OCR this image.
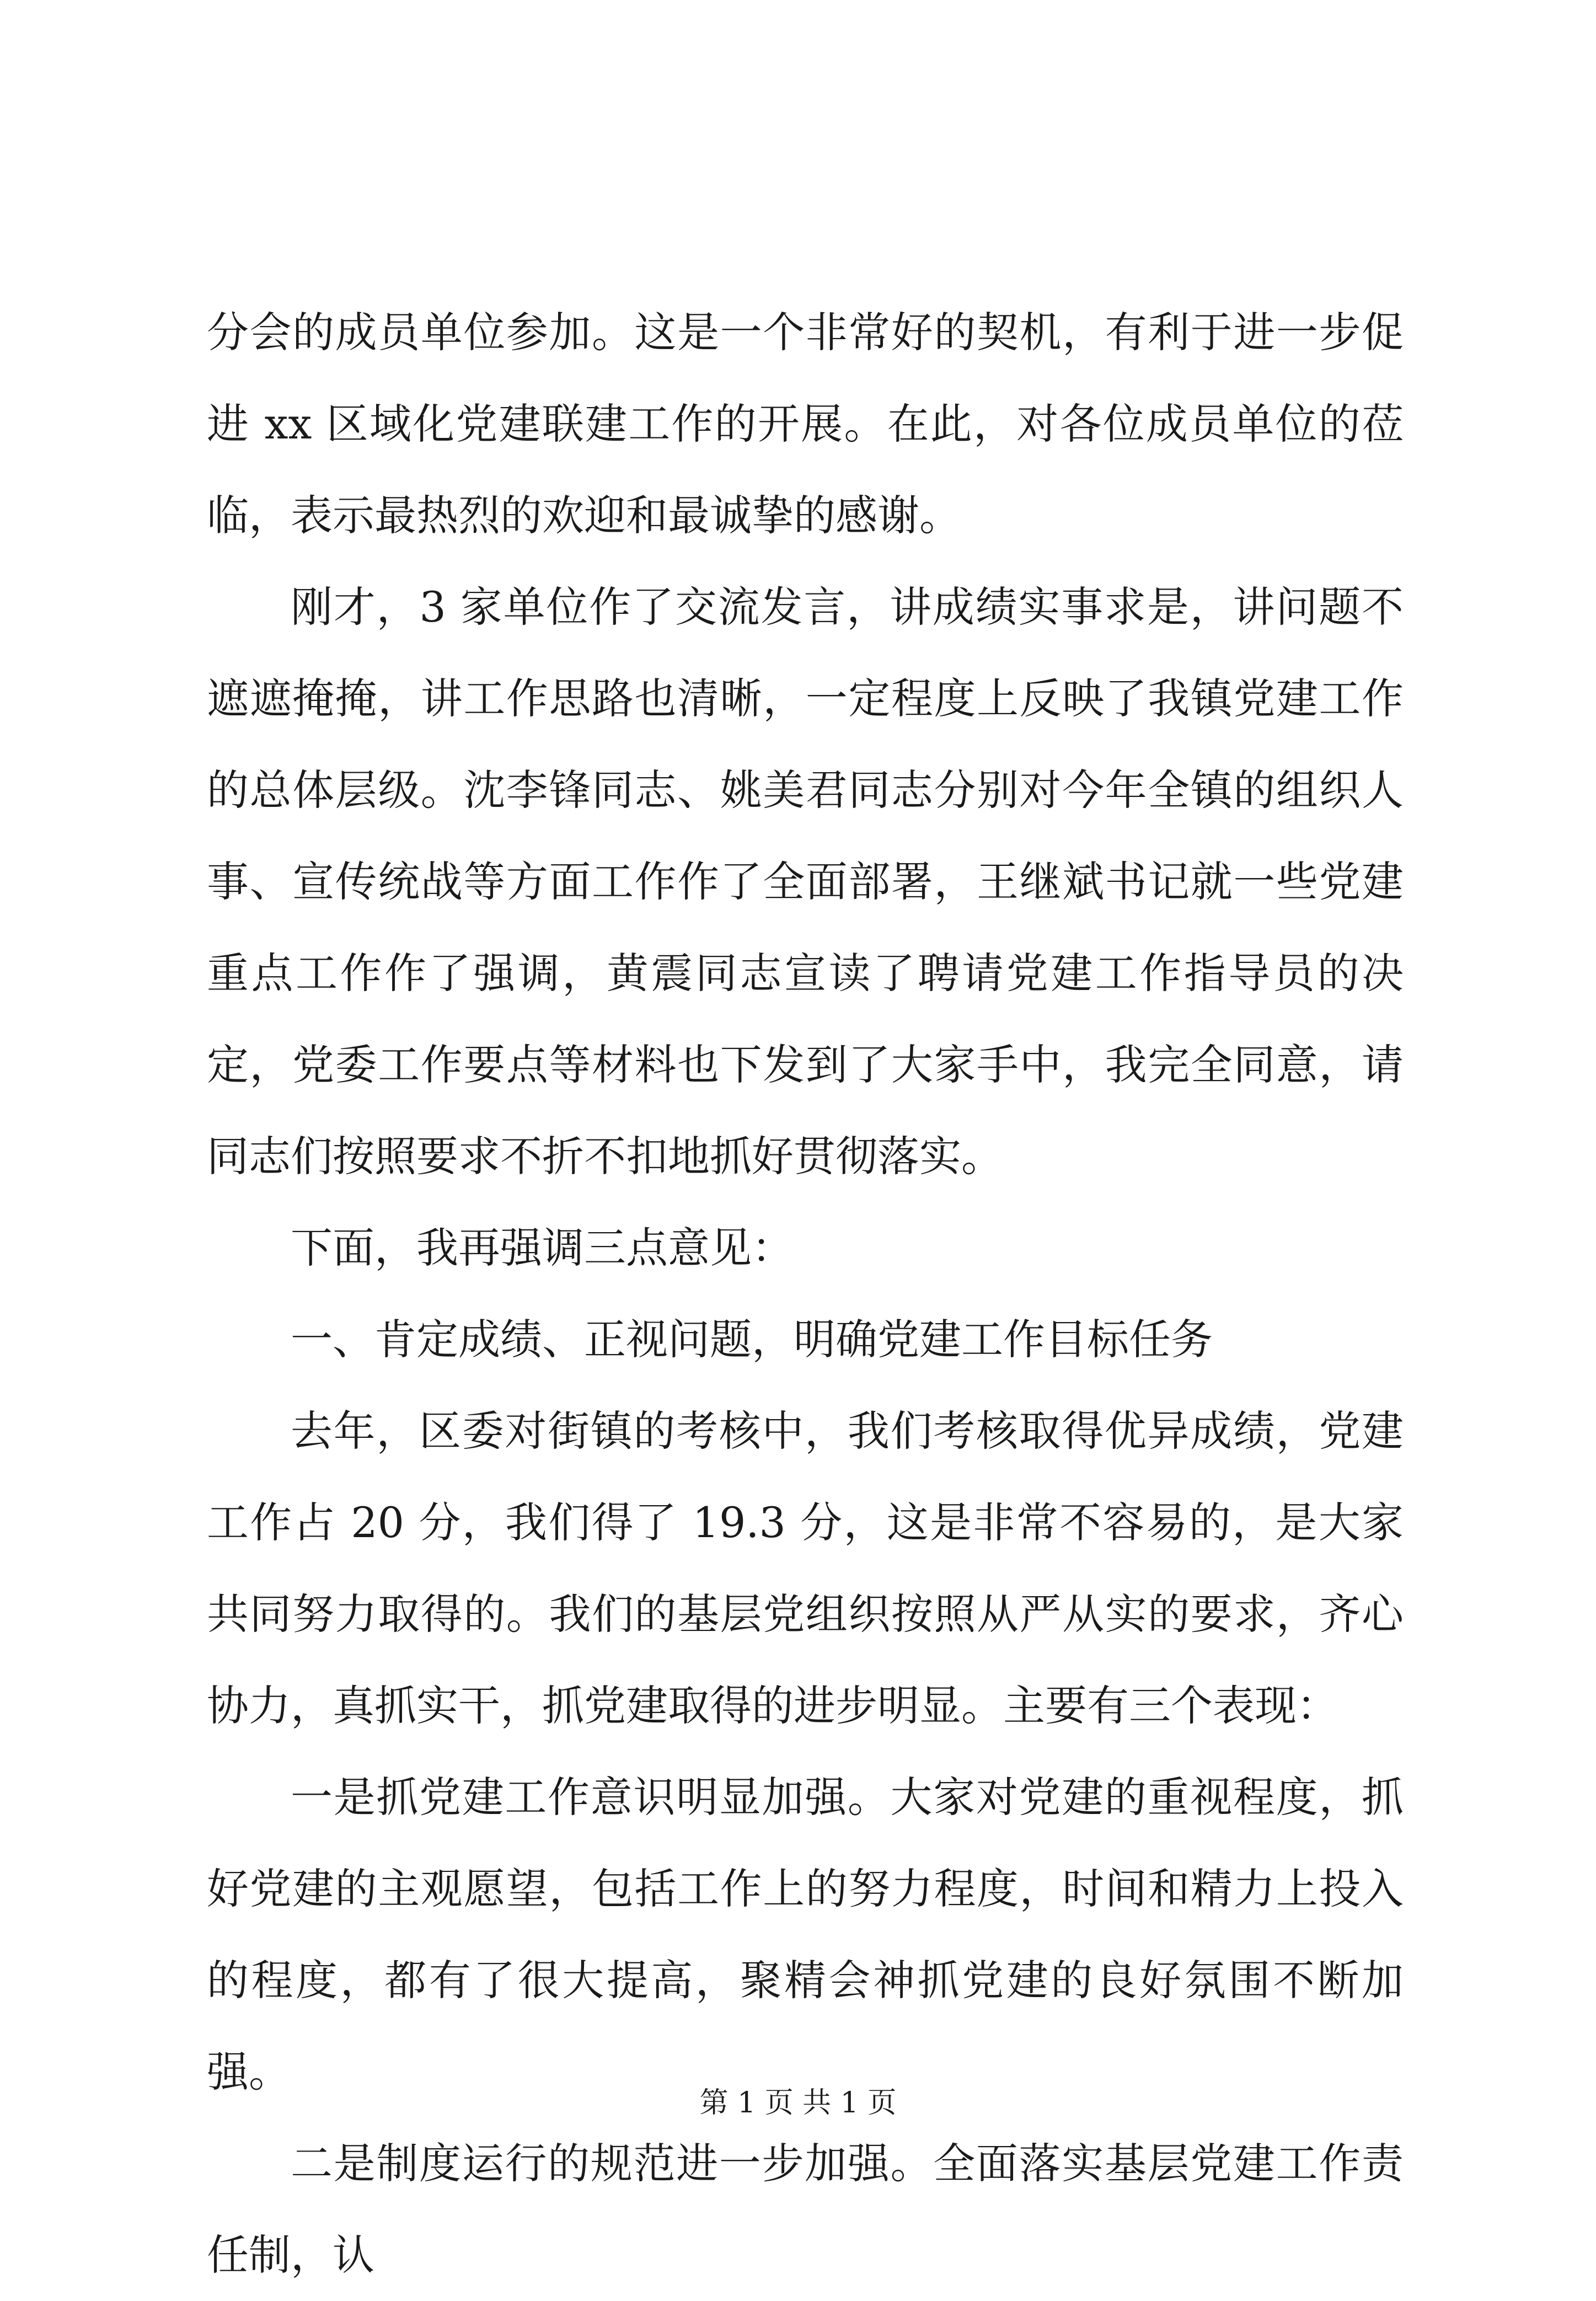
分会的成员单位参加。这是一个非常好的契机，有利于进一步促进 xx 区域化党建联建工作的开展。在此，对各位成员单位的莅临，表示最热烈的欢迎和最诚挚的感谢。

刚才，3 家单位作了交流发言，讲成绩实事求是，讲问题不遮遮掩掩，讲工作思路也清晰，一定程度上反映了我镇党建工作的总体层级。沈李锋同志、姚美君同志分别对今年全镇的组织人事、宣传统战等方面工作作了全面部署，王继斌书记就一些党建重点工作作了强调，黄震同志宣读了聘请党建工作指导员的决定，党委工作要点等材料也下发到了大家手中，我完全同意，请同志们按照要求不折不扣地抓好贯彻落实。

下面，我再强调三点意见：

一、肯定成绩、正视问题，明确党建工作目标任务

去年，区委对街镇的考核中，我们考核取得优异成绩，党建工作占 20 分，我们得了 19.3 分，这是非常不容易的，是大家共同努力取得的。我们的基层党组织按照从严从实的要求，齐心协力，真抓实干，抓党建取得的进步明显。主要有三个表现：

一是抓党建工作意识明显加强。大家对党建的重视程度，抓好党建的主观愿望，包括工作上的努力程度，时间和精力上投入的程度，都有了很大提高，聚精会神抓党建的良好氛围不断加强。

二是制度运行的规范进一步加强。全面落实基层党建工作责任制，认

第 1 页 共 1 页
